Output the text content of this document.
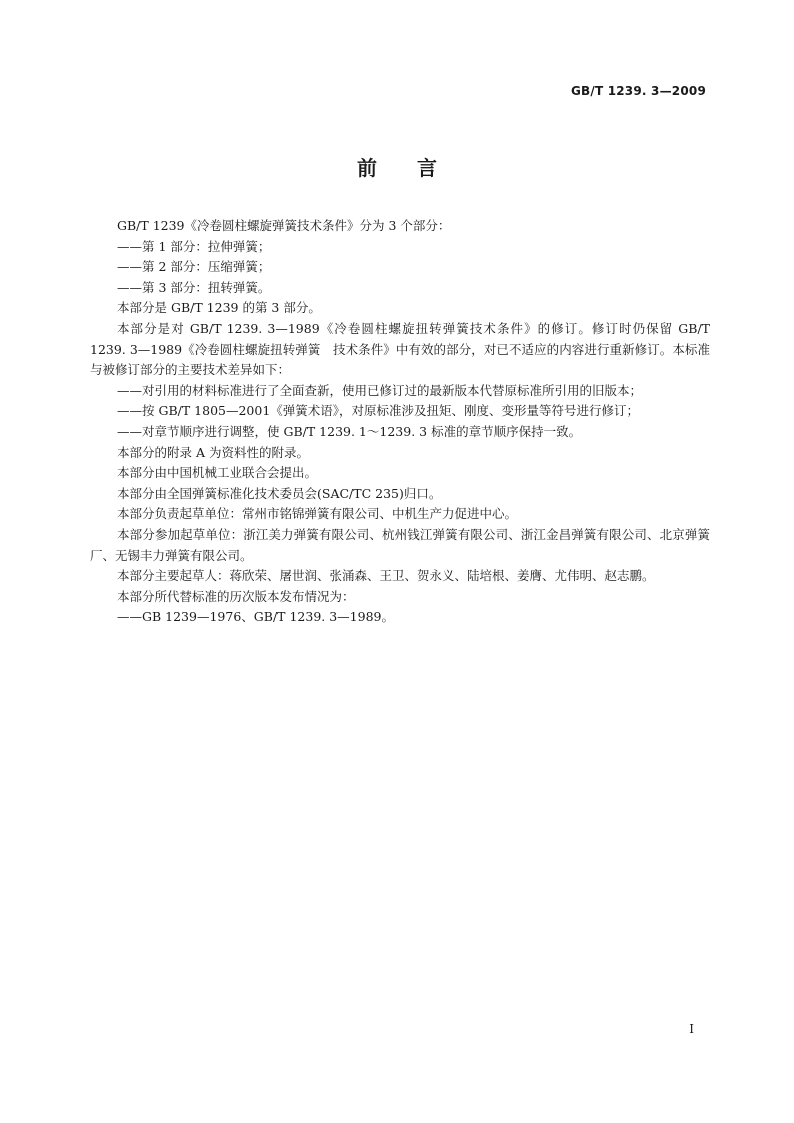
GB/T 1239. 3—2009
前言

GB/T 1239《冷卷圆柱螺旋弹簧技术条件》分为 3 个部分：

——第 1 部分：拉伸弹簧；

——第 2 部分：压缩弹簧；

——第 3 部分：扭转弹簧。

本部分是 GB/T 1239 的第 3 部分。

本部分是对 GB/T 1239. 3—1989《冷卷圆柱螺旋扭转弹簧技术条件》的修订。修订时仍保留 GB/T 1239. 3—1989《冷卷圆柱螺旋扭转弹簧　技术条件》中有效的部分，对已不适应的内容进行重新修订。本标准与被修订部分的主要技术差异如下：

——对引用的材料标准进行了全面查新，使用已修订过的最新版本代替原标准所引用的旧版本；

——按 GB/T 1805—2001《弹簧术语》，对原标准涉及扭矩、刚度、变形量等符号进行修订；

——对章节顺序进行调整，使 GB/T 1239. 1～1239. 3 标准的章节顺序保持一致。

本部分的附录 A 为资料性的附录。

本部分由中国机械工业联合会提出。

本部分由全国弹簧标准化技术委员会(SAC/TC 235)归口。

本部分负责起草单位：常州市铭锦弹簧有限公司、中机生产力促进中心。

本部分参加起草单位：浙江美力弹簧有限公司、杭州钱江弹簧有限公司、浙江金昌弹簧有限公司、北京弹簧厂、无锡丰力弹簧有限公司。

本部分主要起草人：蒋欣荣、屠世润、张涌森、王卫、贺永义、陆培根、姜膺、尤伟明、赵志鹏。

本部分所代替标准的历次版本发布情况为：

——GB 1239—1976、GB/T 1239. 3—1989。

I
